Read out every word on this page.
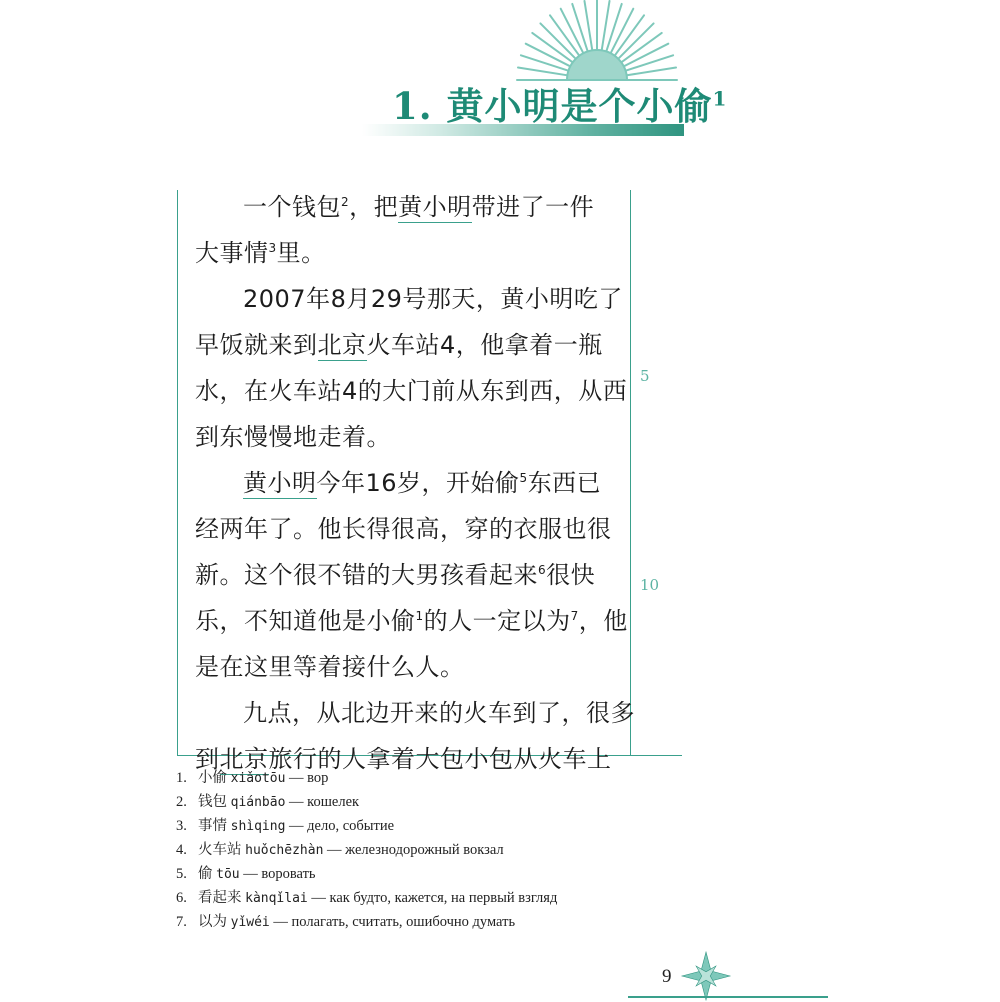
1. 黄小明是个小偷$^1$

一个钱包$^2$，把黄小明带进了一件
大事情$^3$里。

2007年8月29号那天，黄小明吃了
早饭就来到北京火车站4，他拿着一瓶
水，在火车站4的大门前从东到西，从西
到东慢慢地走着。

黄小明今年16岁，开始偷$^5$东西已
经两年了。他长得很高，穿的衣服也很
新。这个很不错的大男孩看起来$^6$很快
乐，不知道他是小偷$^1$的人一定以为$^7$，他
是在这里等着接什么人。

九点，从北边开来的火车到了，很多
到北京旅行的人拿着大包小包从火车上

5
10
1. 小偷 xiǎotōu — вор
2. 钱包 qiánbāo — кошелек
3. 事情 shìqing — дело, событие
4. 火车站 huǒchēzhàn — железнодорожный вокзал
5. 偷 tōu — воровать
6. 看起来 kànqǐlai — как будто, кажется, на первый взгляд
7. 以为 yǐwéi — полагать, считать, ошибочно думать
9
